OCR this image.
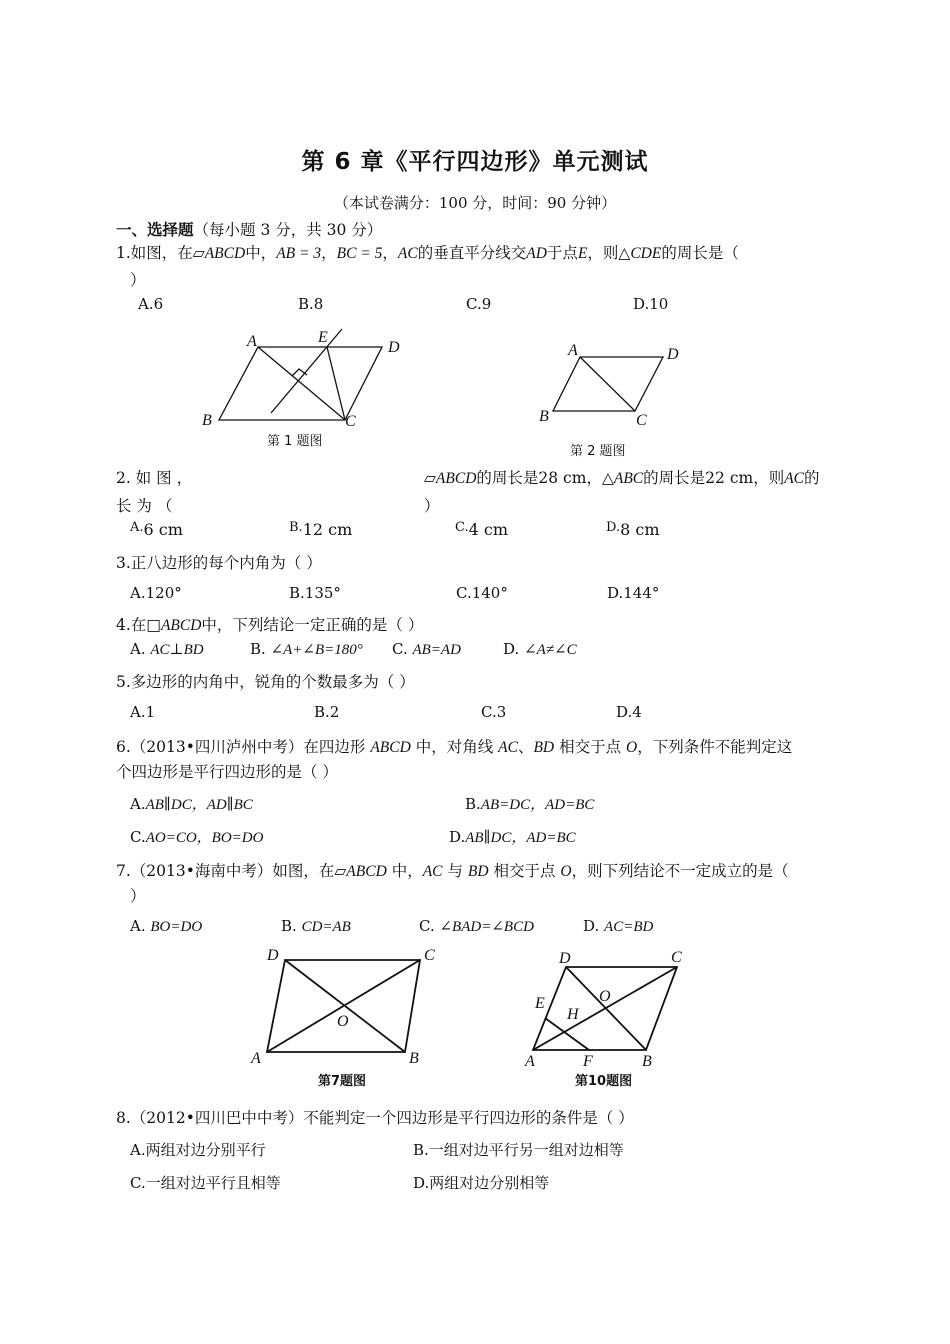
第 6 章《平行四边形》单元测试
（本试卷满分：100 分，时间：90 分钟）
一、选择题（每小题 3 分，共 30 分）
1.如图，在▱ABCD中，AB = 3，BC = 5，AC的垂直平分线交AD于点E，则△CDE的周长是（
）
A.6	B.8	C.9	D.10
A	E
D
B	C
第 1 题图
A	D
B	C
第 2 题图
2. 如 图 ，	▱ABCD的周长是28 cm，△ABC的周长是22 cm，则AC的
长 为 （	）
A.6 cm	B.12 cm	C.4 cm	D.8 cm
3.正八边形的每个内角为（ ）
A.120°	B.135°	C.140°	D.144°
4.在□ABCD中，下列结论一定正确的是（ ）
A. AC⊥BD	B. ∠A+∠B=180° C. AB=AD	D. ∠A≠∠C
5.多边形的内角中，锐角的个数最多为（ ）
A.1	B.2	C.3	D.4
6.（2013•四川泸州中考）在四边形 ABCD 中，对角线 AC、BD 相交于点 O，下列条件不能判定这
个四边形是平行四边形的是（ ）
A.AB∥DC，AD∥BC	B.AB=DC，AD=BC
C.AO=CO，BO=DO	D.AB∥DC，AD=BC
7.（2013•海南中考）如图，在▱ABCD 中，AC 与 BD 相交于点 O，则下列结论不一定成立的是（
）
A. BO=DO	B. CD=AB	C. ∠BAD=∠BCD	D. AC=BD
D	C
O
A	B
第7题图
D	C
O
E
H
A	F	B
第10题图
8.（2012•四川巴中中考）不能判定一个四边形是平行四边形的条件是（ ）
A.两组对边分别平行	B.一组对边平行另一组对边相等
C.一组对边平行且相等	D.两组对边分别相等
